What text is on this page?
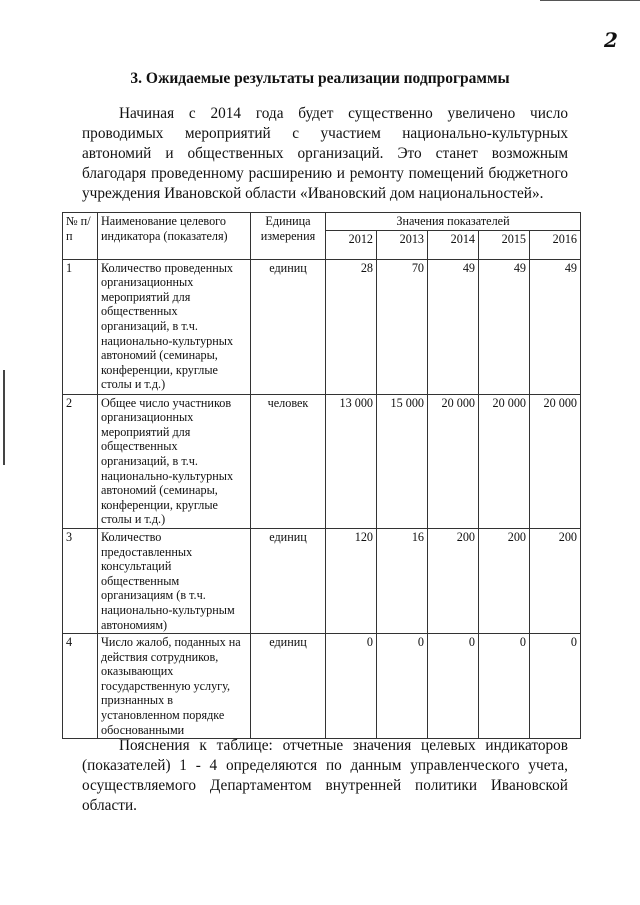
2
3. Ожидаемые результаты реализации подпрограммы
Начиная с 2014 года будет существенно увеличено число проводимых мероприятий с участием национально-культурных автономий и общественных организаций. Это станет возможным благодаря проведенному расширению и ремонту помещений бюджетного учреждения Ивановской области «Ивановский дом национальностей».
№ п/п	Наименование целевого индикатора (показателя)	Единица измерения	Значения показателей				
			2012	2013	2014	2015	2016
1	Количество проведенных организационных мероприятий для общественных организаций, в т.ч. национально-культурных автономий (семинары, конференции, круглые столы и т.д.)	единиц	28	70	49	49	49
2	Общее число участников организационных мероприятий для общественных организаций, в т.ч. национально-культурных автономий (семинары, конференции, круглые столы и т.д.)	человек	13 000	15 000	20 000	20 000	20 000
3	Количество предоставленных консультаций общественным организациям (в т.ч. национально-культурным автономиям)	единиц	120	16	200	200	200
4	Число жалоб, поданных на действия сотрудников, оказывающих государственную услугу, признанных в установленном порядке обоснованными	единиц	0	0	0	0	0
Пояснения к таблице: отчетные значения целевых индикаторов (показателей) 1 - 4 определяются по данным управленческого учета, осуществляемого Департаментом внутренней политики Ивановской области.
